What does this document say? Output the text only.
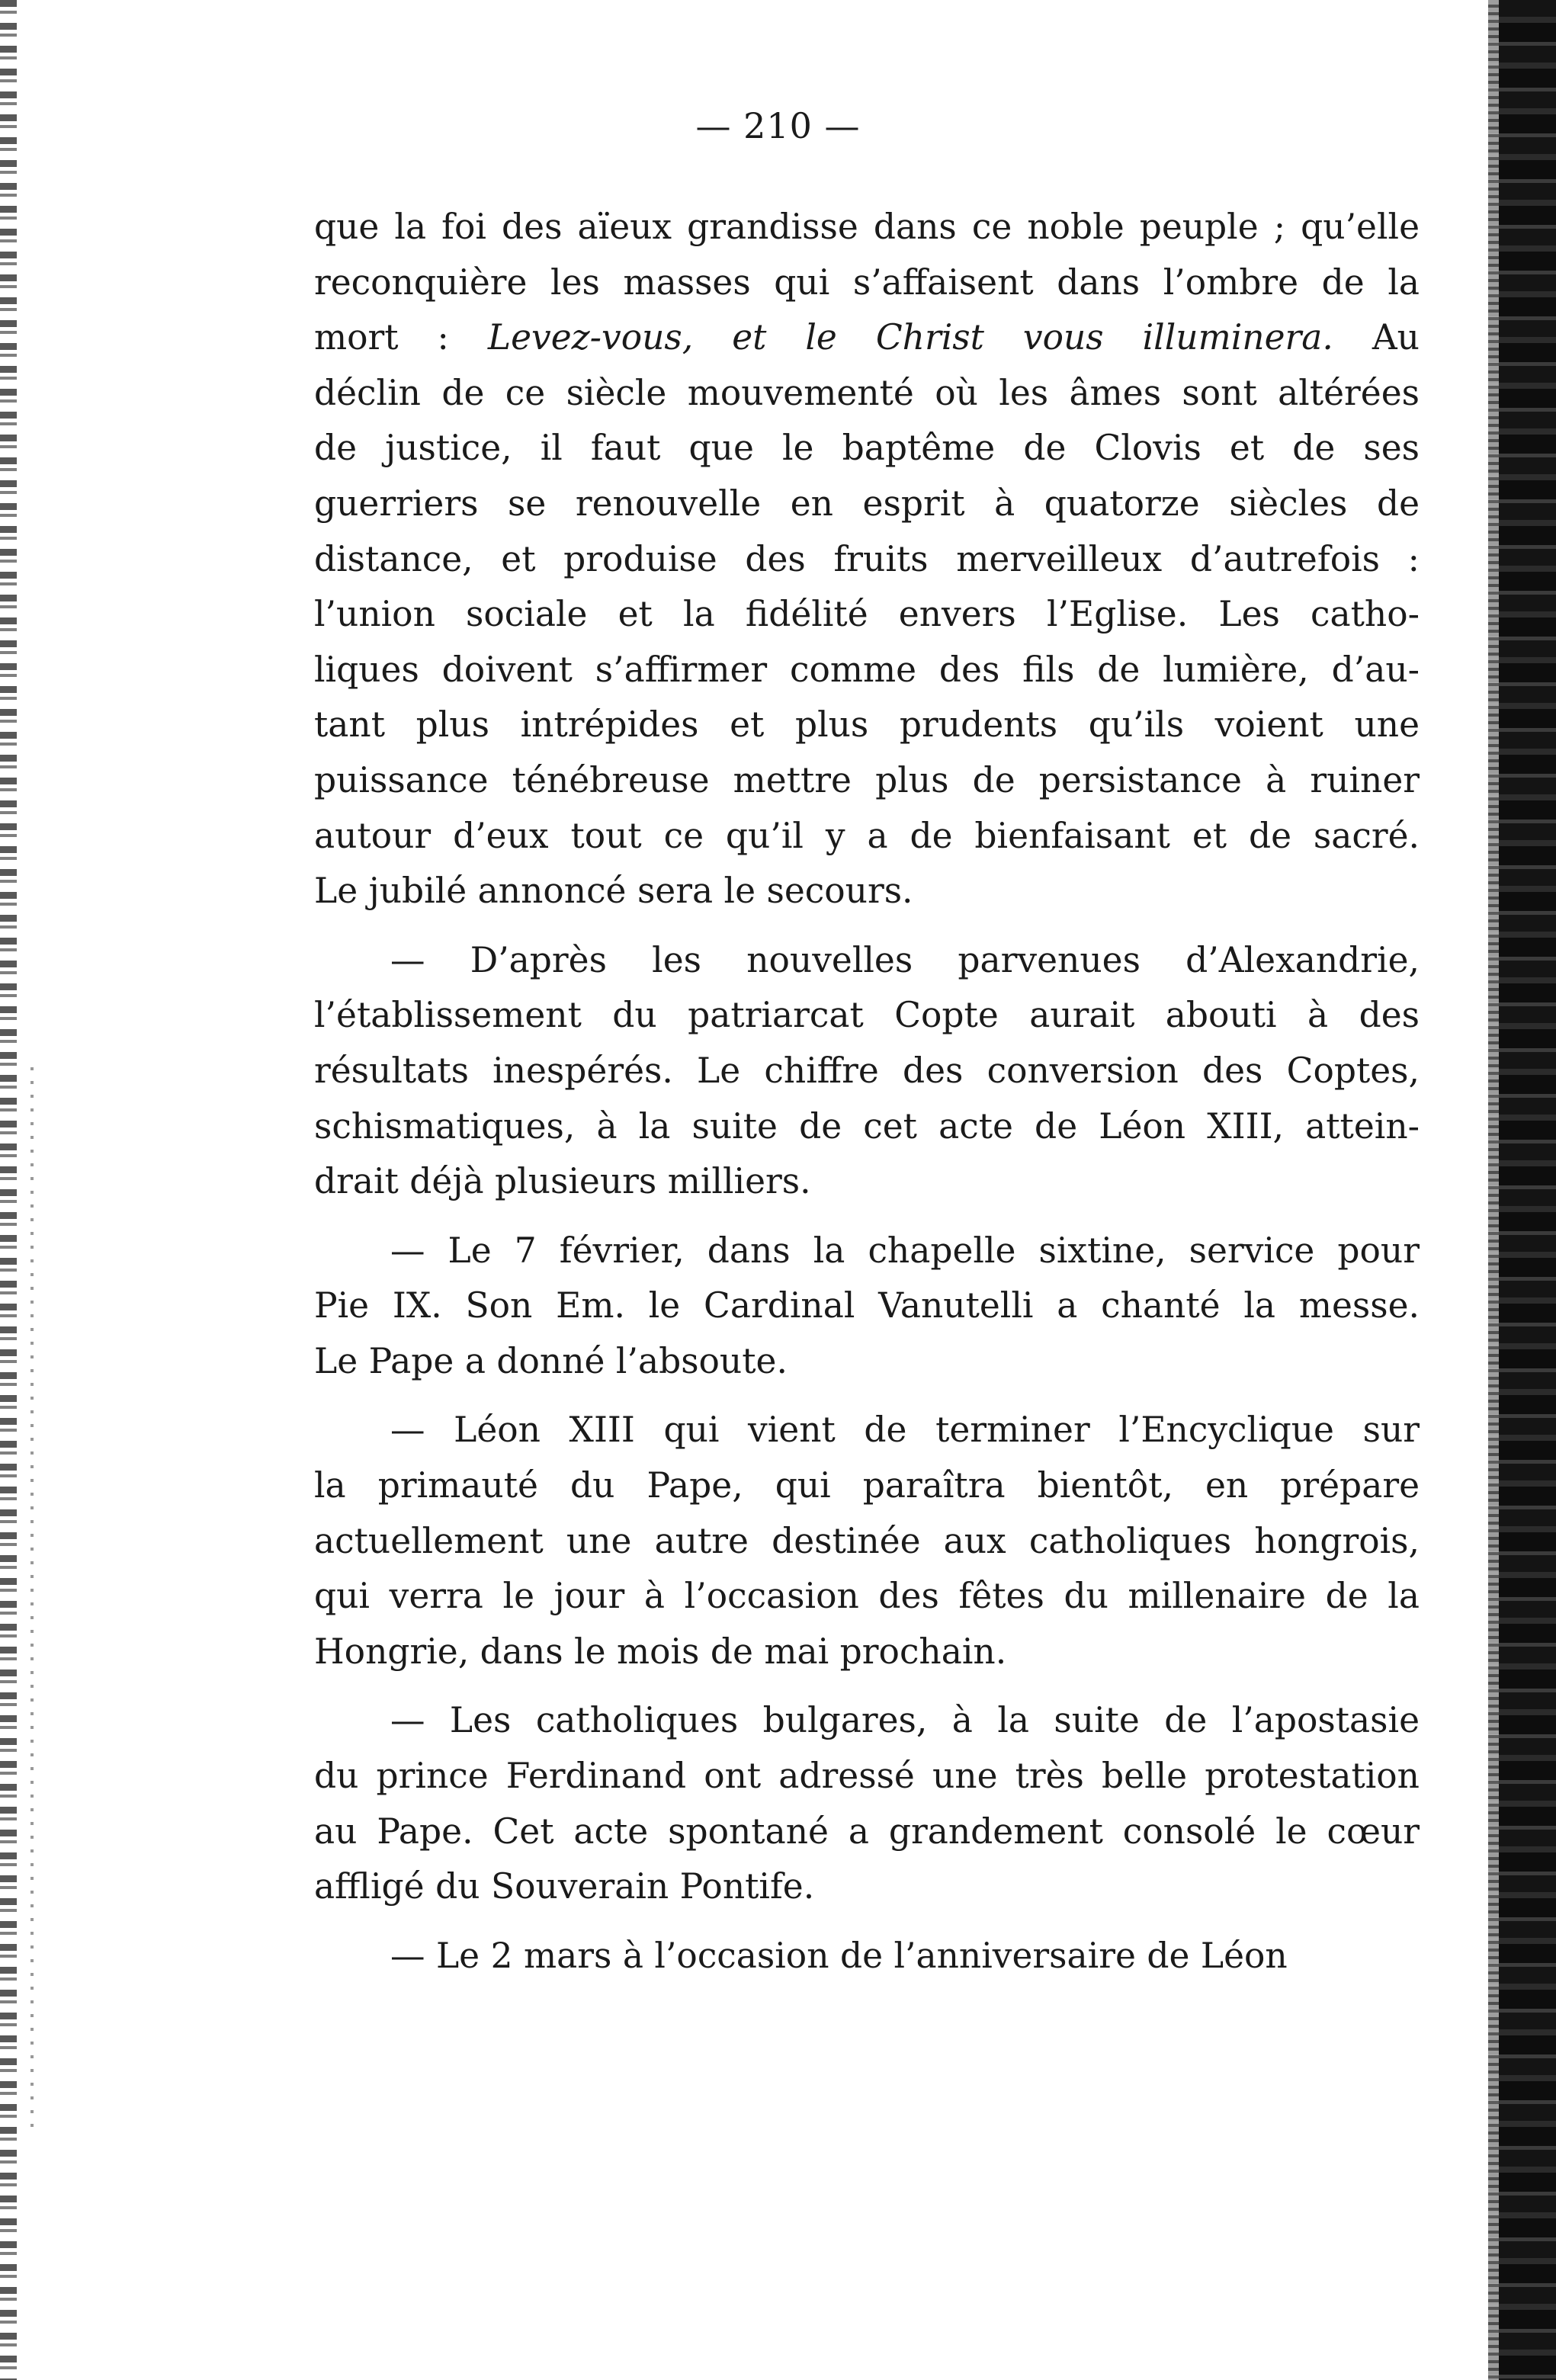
— 210 —
que la foi des aïeux grandisse dans ce noble peuple ; qu’elle
reconquière les masses qui s’affaisent dans l’ombre de la
mort : Levez-vous, et le Christ vous illuminera. Au
déclin de ce siècle mouvementé où les âmes sont altérées
de justice, il faut que le baptême de Clovis et de ses
guerriers se renouvelle en esprit à quatorze siècles de
distance, et produise des fruits merveilleux d’autrefois :
l’union sociale et la fidélité envers l’Eglise. Les catho-
liques doivent s’affirmer comme des fils de lumière, d’au-
tant plus intrépides et plus prudents qu’ils voient une
puissance ténébreuse mettre plus de persistance à ruiner
autour d’eux tout ce qu’il y a de bienfaisant et de sacré.
Le jubilé annoncé sera le secours.
— D’après les nouvelles parvenues d’Alexandrie,
l’établissement du patriarcat Copte aurait abouti à des
résultats inespérés. Le chiffre des conversion des Coptes,
schismatiques, à la suite de cet acte de Léon XIII, attein-
drait déjà plusieurs milliers.
— Le 7 février, dans la chapelle sixtine, service pour
Pie IX. Son Em. le Cardinal Vanutelli a chanté la messe.
Le Pape a donné l’absoute.
— Léon XIII qui vient de terminer l’Encyclique sur
la primauté du Pape, qui paraîtra bientôt, en prépare
actuellement une autre destinée aux catholiques hongrois,
qui verra le jour à l’occasion des fêtes du millenaire de la
Hongrie, dans le mois de mai prochain.
— Les catholiques bulgares, à la suite de l’apostasie
du prince Ferdinand ont adressé une très belle protestation
au Pape. Cet acte spontané a grandement consolé le cœur
affligé du Souverain Pontife.
— Le 2 mars à l’occasion de l’anniversaire de Léon
